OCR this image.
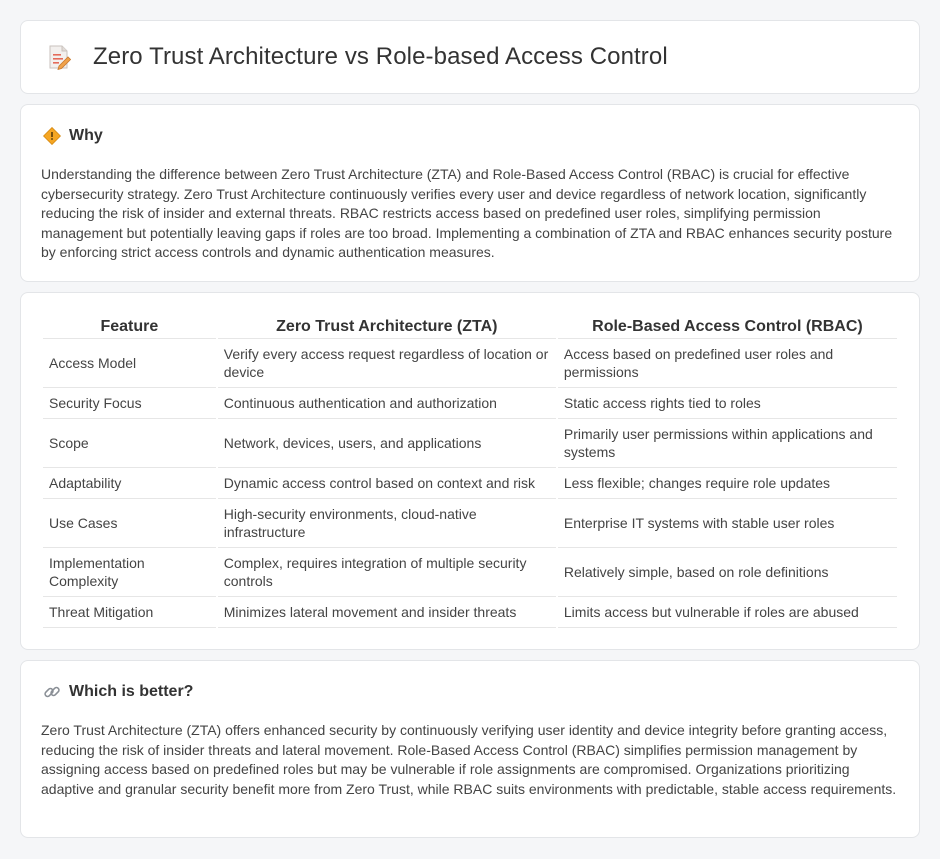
Zero Trust Architecture vs Role-based Access Control
Why

Understanding the difference between Zero Trust Architecture (ZTA) and Role-Based Access Control (RBAC) is crucial for effective cybersecurity strategy. Zero Trust Architecture continuously verifies every user and device regardless of network location, significantly reducing the risk of insider and external threats. RBAC restricts access based on predefined user roles, simplifying permission management but potentially leaving gaps if roles are too broad. Implementing a combination of ZTA and RBAC enhances security posture by enforcing strict access controls and dynamic authentication measures.

Feature	Zero Trust Architecture (ZTA)	Role-Based Access Control (RBAC)
Access Model	Verify every access request regardless of location or device	Access based on predefined user roles and permissions
Security Focus	Continuous authentication and authorization	Static access rights tied to roles
Scope	Network, devices, users, and applications	Primarily user permissions within applications and systems
Adaptability	Dynamic access control based on context and risk	Less flexible; changes require role updates
Use Cases	High-security environments, cloud-native infrastructure	Enterprise IT systems with stable user roles
Implementation Complexity	Complex, requires integration of multiple security controls	Relatively simple, based on role definitions
Threat Mitigation	Minimizes lateral movement and insider threats	Limits access but vulnerable if roles are abused
Which is better?

Zero Trust Architecture (ZTA) offers enhanced security by continuously verifying user identity and device integrity before granting access, reducing the risk of insider threats and lateral movement. Role-Based Access Control (RBAC) simplifies permission management by assigning access based on predefined roles but may be vulnerable if role assignments are compromised. Organizations prioritizing adaptive and granular security benefit more from Zero Trust, while RBAC suits environments with predictable, stable access requirements.
